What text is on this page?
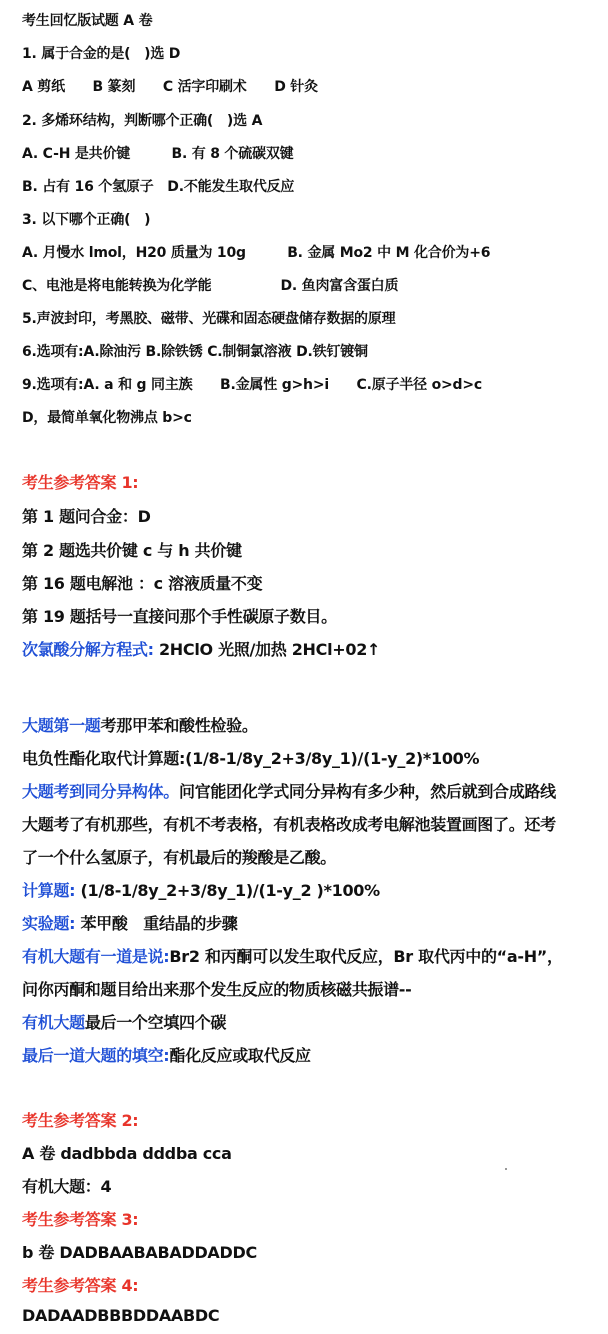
考生回忆版试题 A 卷
1. 属于合金的是(　)选 D
A 剪纸　　B 篆刻　　C 活字印刷术　　D 针灸
2. 多烯环结构，判断哪个正确(　)选 A
A. C-H 是共价键　　　B. 有 8 个硫碳双键
B. 占有 16 个氢原子　D.不能发生取代反应
3. 以下哪个正确(　)
A. 月慢水 lmol，H20 质量为 10g　　　B. 金属 Mo2 中 M 化合价为+6
C、电池是将电能转换为化学能　　　　　D. 鱼肉富含蛋白质
5.声波封印，考黑胶、磁带、光碟和固态硬盘储存数据的原理
6.选项有:A.除油污 B.除铁锈 C.制铜氯溶液 D.铁钉镀铜
9.选项有:A. a 和 g 同主族　　B.金属性 g>h>i　　C.原子半径 o>d>c
D，最简单氧化物沸点 b>c
考生参考答案 1:
第 1 题问合金：D
第 2 题选共价键 c 与 h 共价键
第 16 题电解池 ：c 溶液质量不变
第 19 题括号一直接问那个手性碳原子数目。
次氯酸分解方程式: 2HClO 光照/加热 2HCl+02↑
大题第一题考那甲苯和酸性检验。
电负性酯化取代计算题:(1/8-1/8y_2+3/8y_1)/(1-y_2)*100%
大题考到同分异构体。问官能团化学式同分异构有多少种，然后就到合成路线
大题考了有机那些，有机不考表格，有机表格改成考电解池装置画图了。还考
了一个什么氢原子，有机最后的羧酸是乙酸。
计算题: (1/8-1/8y_2+3/8y_1)/(1-y_2 )*100%
实验题: 苯甲酸　重结晶的步骤
有机大题有一道是说:Br2 和丙酮可以发生取代反应，Br 取代丙中的“a-H”，
问你丙酮和题目给出来那个发生反应的物质核磁共振谱--
有机大题最后一个空填四个碳
最后一道大题的填空:酯化反应或取代反应
考生参考答案 2:
A 卷 dadbbda dddba cca
有机大题：4
考生参考答案 3:
b 卷 DADBAABABADDADDC
考生参考答案 4:
DADAADBBBDDAABDC
